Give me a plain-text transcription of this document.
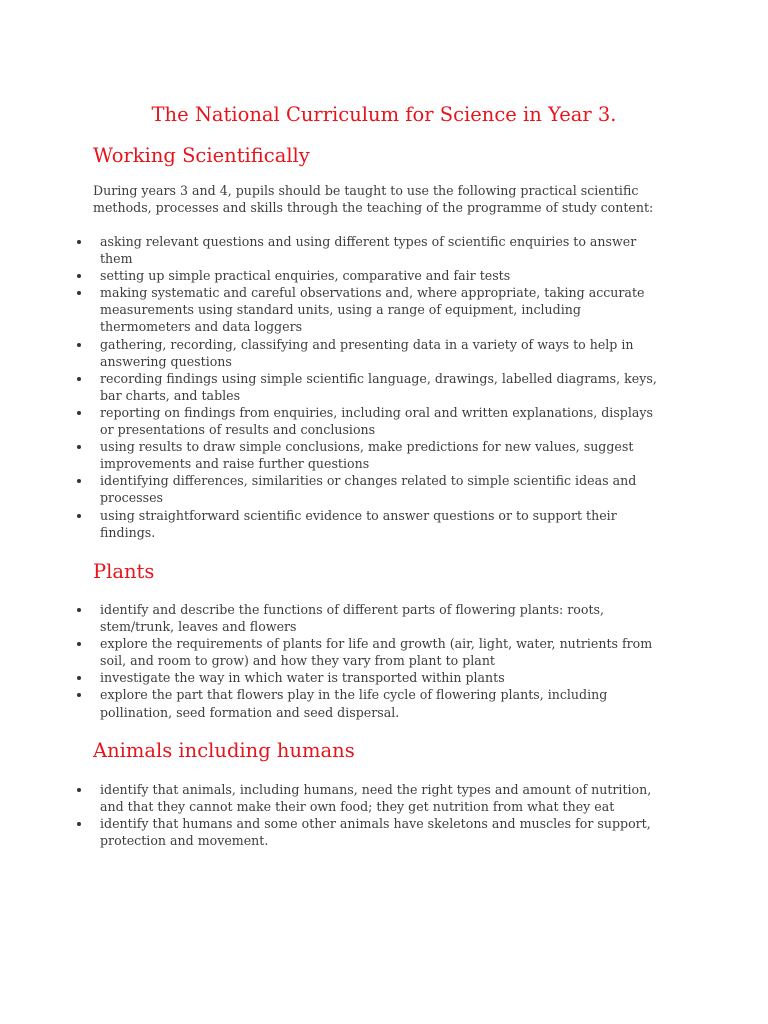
The National Curriculum for Science in Year 3.
Working Scientifically

During years 3 and 4, pupils should be taught to use the following practical scientific
methods, processes and skills through the teaching of the programme of study content:

asking relevant questions and using different types of scientific enquiries to answer
them
setting up simple practical enquiries, comparative and fair tests
making systematic and careful observations and, where appropriate, taking accurate
measurements using standard units, using a range of equipment, including
thermometers and data loggers
gathering, recording, classifying and presenting data in a variety of ways to help in
answering questions
recording findings using simple scientific language, drawings, labelled diagrams, keys,
bar charts, and tables
reporting on findings from enquiries, including oral and written explanations, displays
or presentations of results and conclusions
using results to draw simple conclusions, make predictions for new values, suggest
improvements and raise further questions
identifying differences, similarities or changes related to simple scientific ideas and
processes
using straightforward scientific evidence to answer questions or to support their
findings.
Plants
identify and describe the functions of different parts of flowering plants: roots,
stem/trunk, leaves and flowers
explore the requirements of plants for life and growth (air, light, water, nutrients from
soil, and room to grow) and how they vary from plant to plant
investigate the way in which water is transported within plants
explore the part that flowers play in the life cycle of flowering plants, including
pollination, seed formation and seed dispersal.
Animals including humans
identify that animals, including humans, need the right types and amount of nutrition,
and that they cannot make their own food; they get nutrition from what they eat
identify that humans and some other animals have skeletons and muscles for support,
protection and movement.
